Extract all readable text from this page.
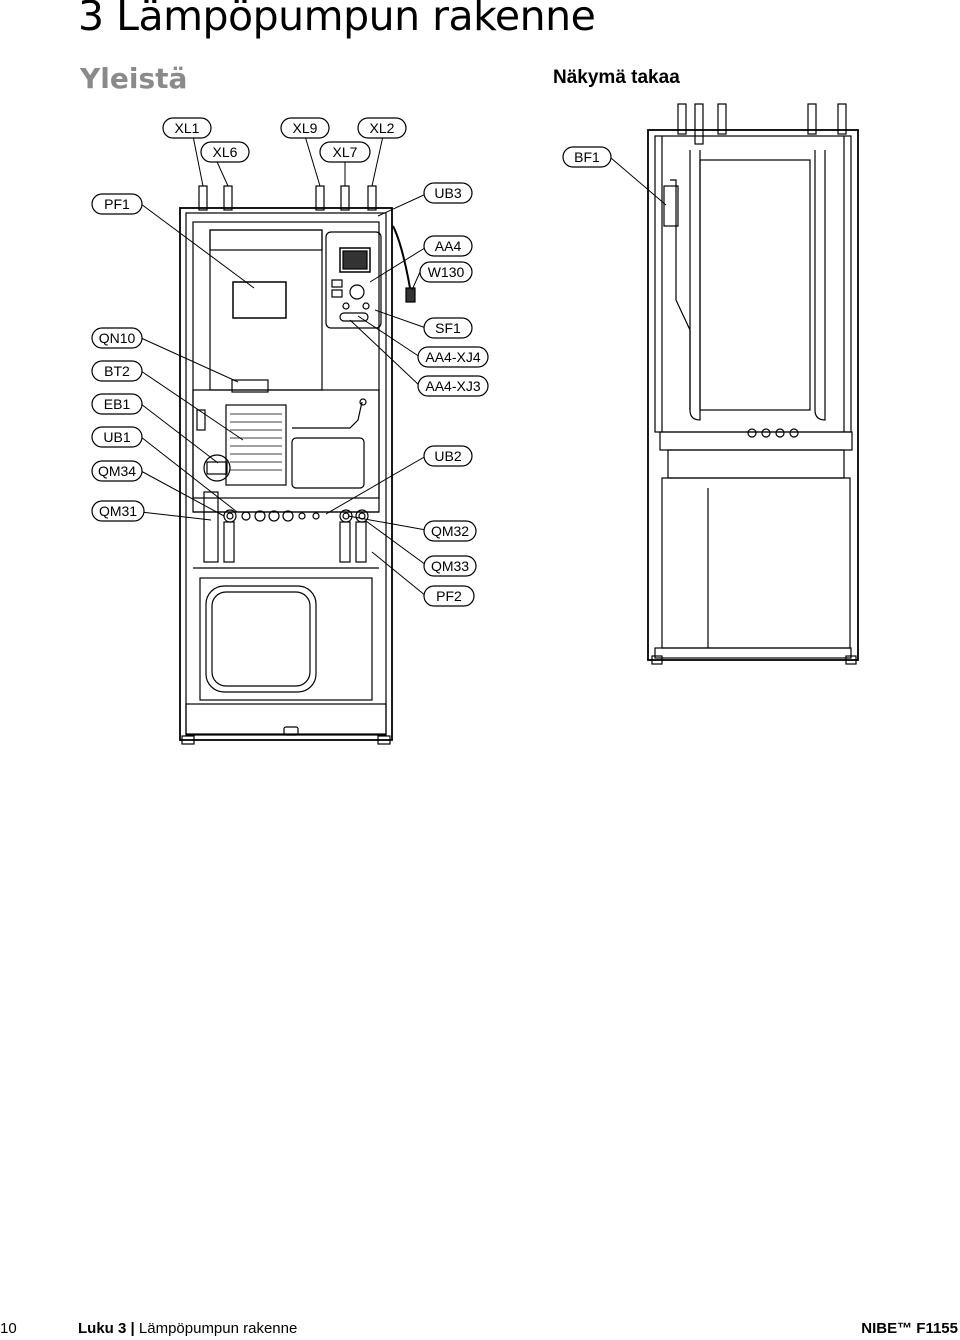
3 Lämpöpumpun rakenne
Yleistä	Näkymä takaa
XL1
XL6
XL9
XL7
XL2
BF1
PF1
UB3
AA4
W130
QN10
SF1
BT2
AA4-XJ4
EB1
AA4-XJ3
UB1
QM34
UB2
QM31
QM32
QM33
PF2
10	Luku 3 | Lämpöpumpun rakenne	NIBE™ F1155
